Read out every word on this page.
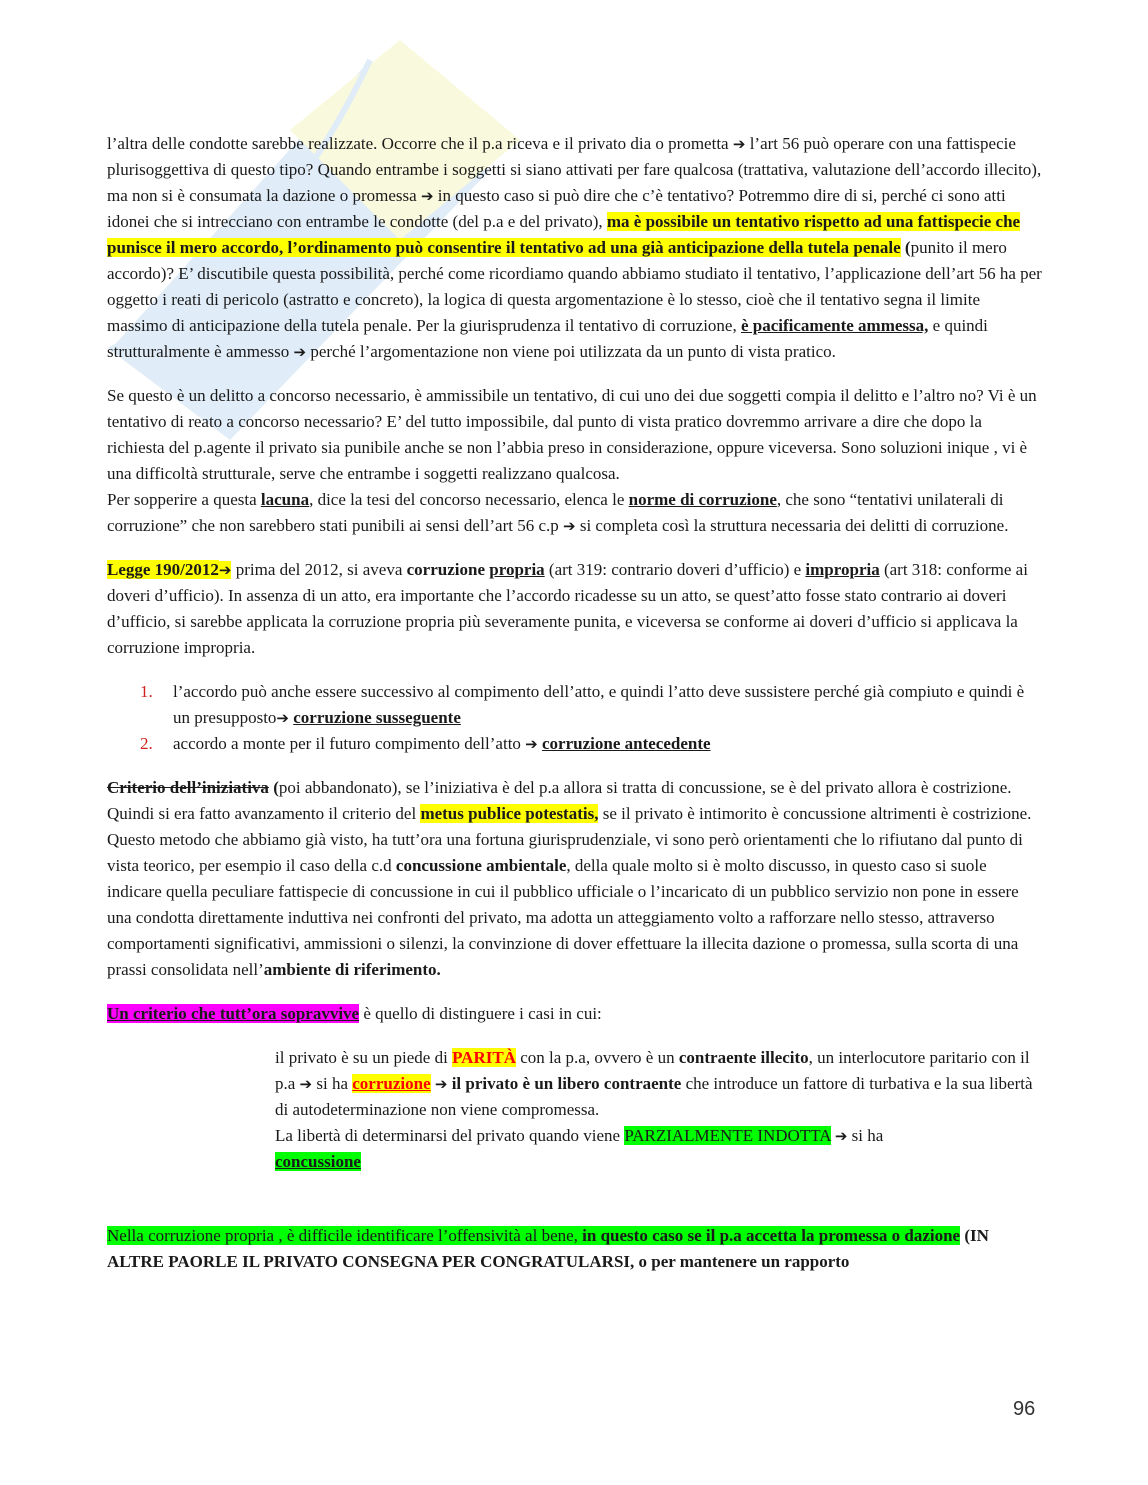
l’altra delle condotte sarebbe realizzate. Occorre che il p.a riceva e il privato dia o prometta ➔ l’art 56 può operare con una fattispecie plurisoggettiva di questo tipo? Quando entrambe i soggetti si siano attivati per fare qualcosa (trattativa, valutazione dell’accordo illecito), ma non si è consumata la dazione o promessa ➔ in questo caso si può dire che c’è tentativo? Potremmo dire di si, perché ci sono atti idonei che si intrecciano con entrambe le condotte (del p.a e del privato), ma è possibile un tentativo rispetto ad una fattispecie che punisce il mero accordo, l’ordinamento può consentire il tentativo ad una già anticipazione della tutela penale (punito il mero accordo)? E’ discutibile questa possibilità, perché come ricordiamo quando abbiamo studiato il tentativo, l’applicazione dell’art 56 ha per oggetto i reati di pericolo (astratto e concreto), la logica di questa argomentazione è lo stesso, cioè che il tentativo segna il limite massimo di anticipazione della tutela penale. Per la giurisprudenza il tentativo di corruzione, è pacificamente ammessa, e quindi strutturalmente è ammesso ➔ perché l’argomentazione non viene poi utilizzata da un punto di vista pratico.

Se questo è un delitto a concorso necessario, è ammissibile un tentativo, di cui uno dei due soggetti compia il delitto e l’altro no? Vi è un tentativo di reato a concorso necessario? E’ del tutto impossibile, dal punto di vista pratico dovremmo arrivare a dire che dopo la richiesta del p.agente il privato sia punibile anche se non l’abbia preso in considerazione, oppure viceversa. Sono soluzioni inique , vi è una difficoltà strutturale, serve che entrambe i soggetti realizzano qualcosa.
Per sopperire a questa lacuna, dice la tesi del concorso necessario, elenca le norme di corruzione, che sono “tentativi unilaterali di corruzione” che non sarebbero stati punibili ai sensi dell’art 56 c.p ➔ si completa così la struttura necessaria dei delitti di corruzione.

Legge 190/2012➔ prima del 2012, si aveva corruzione propria (art 319: contrario doveri d’ufficio) e impropria (art 318: conforme ai doveri d’ufficio). In assenza di un atto, era importante che l’accordo ricadesse su un atto, se quest’atto fosse stato contrario ai doveri d’ufficio, si sarebbe applicata la corruzione propria più severamente punita, e viceversa se conforme ai doveri d’ufficio si applicava la corruzione impropria.

1. l’accordo può anche essere successivo al compimento dell’atto, e quindi l’atto deve sussistere perché già compiuto e quindi è un presupposto➔ corruzione susseguente
2. accordo a monte per il futuro compimento dell’atto ➔ corruzione antecedente

Criterio dell’iniziativa (poi abbandonato), se l’iniziativa è del p.a allora si tratta di concussione, se è del privato allora è costrizione. Quindi si era fatto avanzamento il criterio del metus publice potestatis, se il privato è intimorito è concussione altrimenti è costrizione. Questo metodo che abbiamo già visto, ha tutt’ora una fortuna giurisprudenziale, vi sono però orientamenti che lo rifiutano dal punto di vista teorico, per esempio il caso della c.d concussione ambientale, della quale molto si è molto discusso, in questo caso si suole indicare quella peculiare fattispecie di concussione in cui il pubblico ufficiale o l’incaricato di un pubblico servizio non pone in essere una condotta direttamente induttiva nei confronti del privato, ma adotta un atteggiamento volto a rafforzare nello stesso, attraverso comportamenti significativi, ammissioni o silenzi, la convinzione di dover effettuare la illecita dazione o promessa, sulla scorta di una prassi consolidata nell’ambiente di riferimento.

Un criterio che tutt’ora sopravvive è quello di distinguere i casi in cui:

il privato è su un piede di PARITÀ con la p.a, ovvero è un contraente illecito, un interlocutore paritario con il p.a ➔ si ha corruzione ➔ il privato è un libero contraente che introduce un fattore di turbativa e la sua libertà di autodeterminazione non viene compromessa.
La libertà di determinarsi del privato quando viene PARZIALMENTE INDOTTA ➔ si ha
concussione

Nella corruzione propria , è difficile identificare l’offensività al bene, in questo caso se il p.a accetta la promessa o dazione (IN ALTRE PAORLE IL PRIVATO CONSEGNA PER CONGRATULARSI, o per mantenere un rapporto

96
